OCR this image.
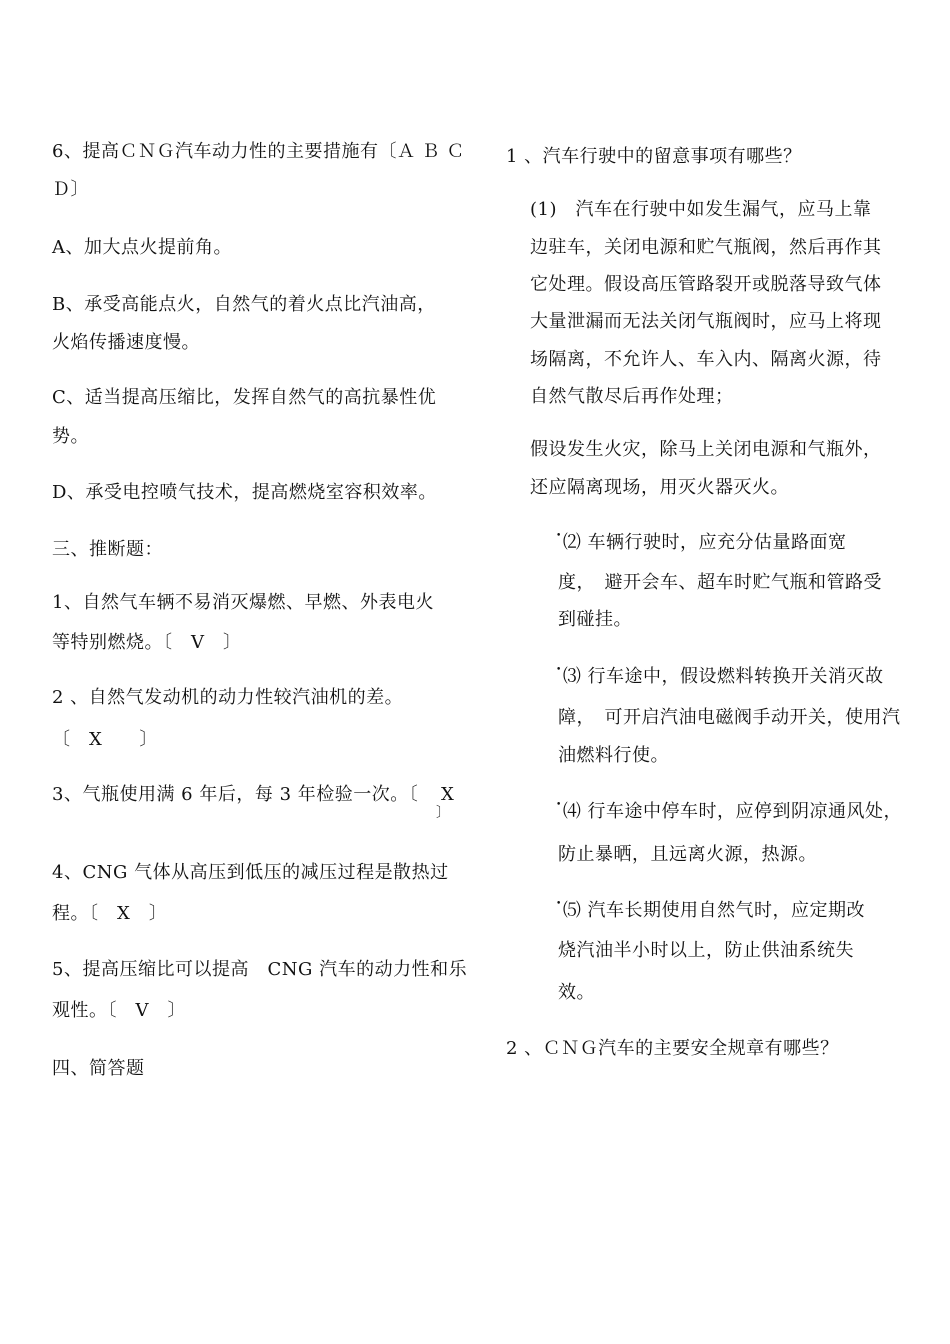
6、提高ＣＮＧ汽车动力性的主要措施有〔Ａ Ｂ Ｃ
Ｄ〕
A、加大点火提前角。
B、承受高能点火，自然气的着火点比汽油高，
火焰传播速度慢。
C、适当提高压缩比，发挥自然气的高抗暴性优
势。
D、承受电控喷气技术，提高燃烧室容积效率。
三、推断题：
1、自然气车辆不易消灭爆燃、早燃、外表电火
等特别燃烧。〔　V　〕
2 、自然气发动机的动力性较汽油机的差。
〔　X　　〕
3、气瓶使用满 6 年后，每 3 年检验一次。〔 X
〕
4、CNG 气体从高压到低压的减压过程是散热过
程。〔　X　〕
5、提高压缩比可以提高　CNG 汽车的动力性和乐
观性。〔　V　〕
四、简答题
1 、汽车行驶中的留意事项有哪些？
(1)　汽车在行驶中如发生漏气，应马上靠
边驻车，关闭电源和贮气瓶阀，然后再作其
它处理。假设高压管路裂开或脱落导致气体
大量泄漏而无法关闭气瓶阀时，应马上将现
场隔离，不允许人、车入内、隔离火源，待
自然气散尽后再作处理；
假设发生火灾，除马上关闭电源和气瓶外，
还应隔离现场，用灭火器灭火。
•⑵ 车辆行驶时，应充分估量路面宽
度，　避开会车、超车时贮气瓶和管路受
到碰挂。
•⑶ 行车途中，假设燃料转换开关消灭故
障，　可开启汽油电磁阀手动开关，使用汽
油燃料行使。
•⑷ 行车途中停车时，应停到阴凉通风处，
防止暴晒，且远离火源，热源。
•⑸ 汽车长期使用自然气时，应定期改
烧汽油半小时以上，防止供油系统失
效。
2 、ＣＮＧ汽车的主要安全规章有哪些？
